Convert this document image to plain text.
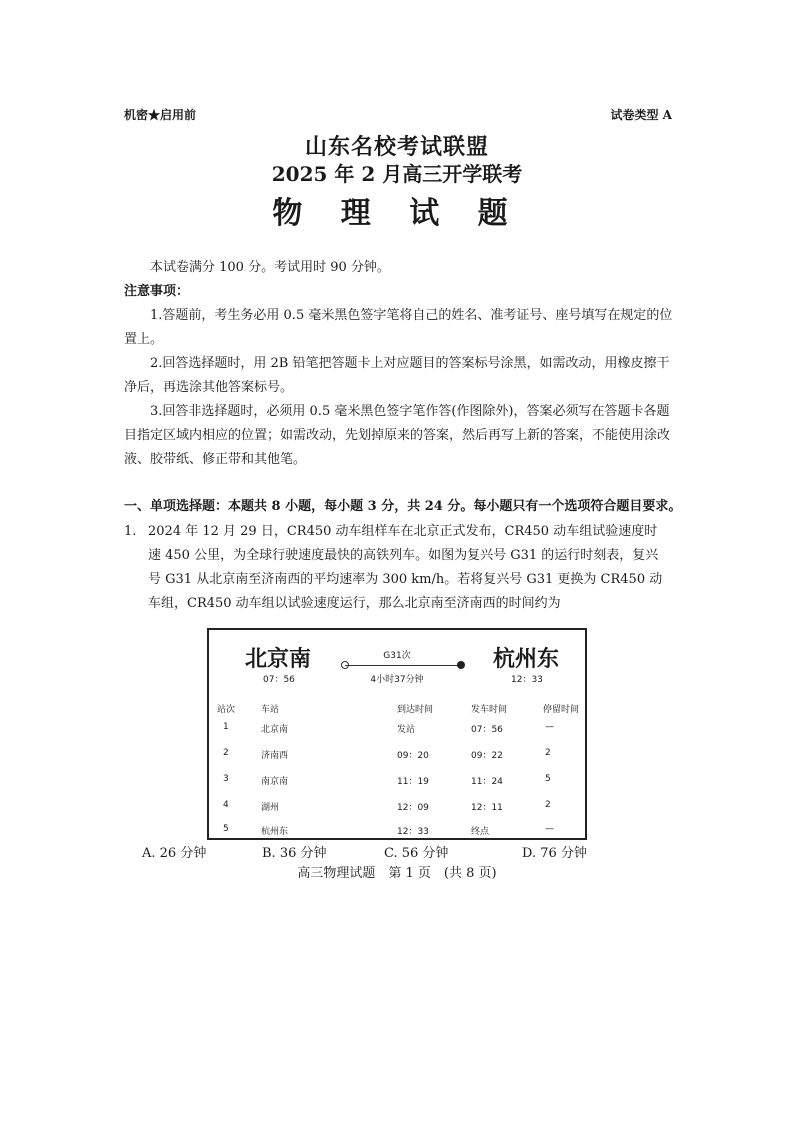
机密★启用前	试卷类型 A
山东名校考试联盟
2025 年 2 月高三开学联考
物 理 试 题
本试卷满分 100 分。考试用时 90 分钟。
注意事项：
1.答题前，考生务必用 0.5 毫米黑色签字笔将自己的姓名、准考证号、座号填写在规定的位置上。
2.回答选择题时，用 2B 铅笔把答题卡上对应题目的答案标号涂黑，如需改动，用橡皮擦干净后，再选涂其他答案标号。
3.回答非选择题时，必须用 0.5 毫米黑色签字笔作答(作图除外)，答案必须写在答题卡各题目指定区域内相应的位置；如需改动，先划掉原来的答案，然后再写上新的答案，不能使用涂改液、胶带纸、修正带和其他笔。
一、单项选择题：本题共 8 小题，每小题 3 分，共 24 分。每小题只有一个选项符合题目要求。
1. 2024 年 12 月 29 日，CR450 动车组样车在北京正式发布，CR450 动车组试验速度时速 450 公里，为全球行驶速度最快的高铁列车。如图为复兴号 G31 的运行时刻表，复兴号 G31 从北京南至济南西的平均速率为 300 km/h。若将复兴号 G31 更换为 CR450 动车组，CR450 动车组以试验速度运行，那么北京南至济南西的时间约为
北京南
07：56
G31次
4小时37分钟
杭州东
12：33
站次	车站	到达时间	发车时间	停留时间
1	北京南	发站	07：56	—
2	济南西	09：20	09：22	2
3	南京南	11：19	11：24	5
4	湖州	12：09	12：11	2
5	杭州东	12：33	终点	—
A. 26 分钟	B. 36 分钟	C. 56 分钟	D. 76 分钟
高三物理试题　第 1 页　(共 8 页)
